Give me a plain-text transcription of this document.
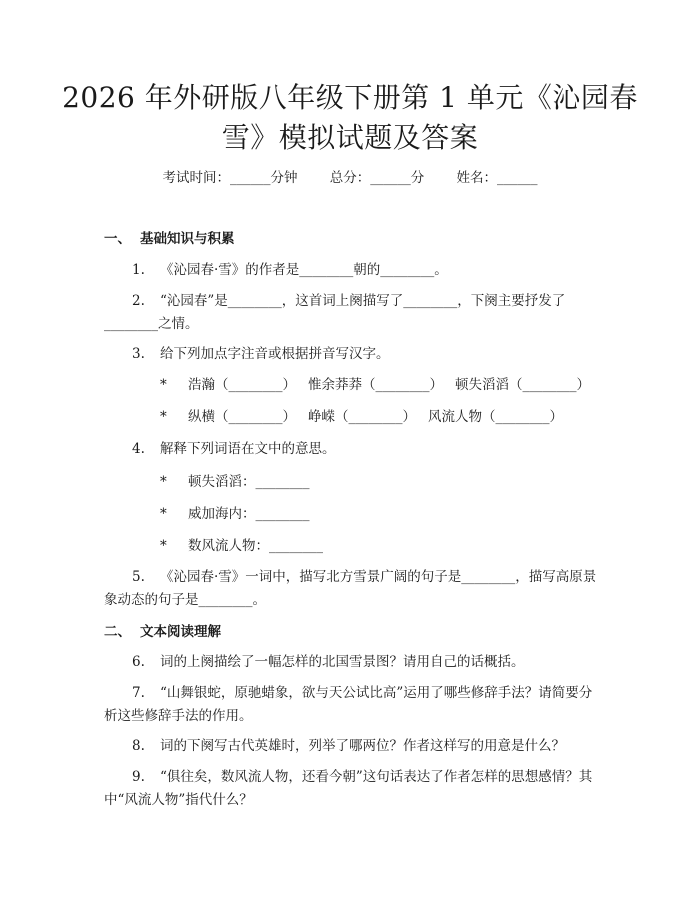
2026 年外研版八年级下册第 1 单元《沁园春
雪》模拟试题及答案
考试时间：______分钟 总分：______分 姓名：______
一、 基础知识与积累
1. 《沁园春·雪》的作者是________朝的________。
2. “沁园春”是________，这首词上阕描写了________，下阕主要抒发了________之情。
3. 给下列加点字注音或根据拼音写汉字。
* 浩瀚（________） 惟余莽莽（________） 顿失滔滔（________）
* 纵横（________） 峥嵘（________） 风流人物（________）
4. 解释下列词语在文中的意思。
* 顿失滔滔：________
* 威加海内：________
* 数风流人物：________
5. 《沁园春·雪》一词中，描写北方雪景广阔的句子是________，描写高原景象动态的句子是________。
二、 文本阅读理解
6. 词的上阕描绘了一幅怎样的北国雪景图？请用自己的话概括。
7. “山舞银蛇，原驰蜡象，欲与天公试比高”运用了哪些修辞手法？请简要分析这些修辞手法的作用。
8. 词的下阕写古代英雄时，列举了哪两位？作者这样写的用意是什么？
9. “俱往矣，数风流人物，还看今朝”这句话表达了作者怎样的思想感情？其中“风流人物”指代什么？
